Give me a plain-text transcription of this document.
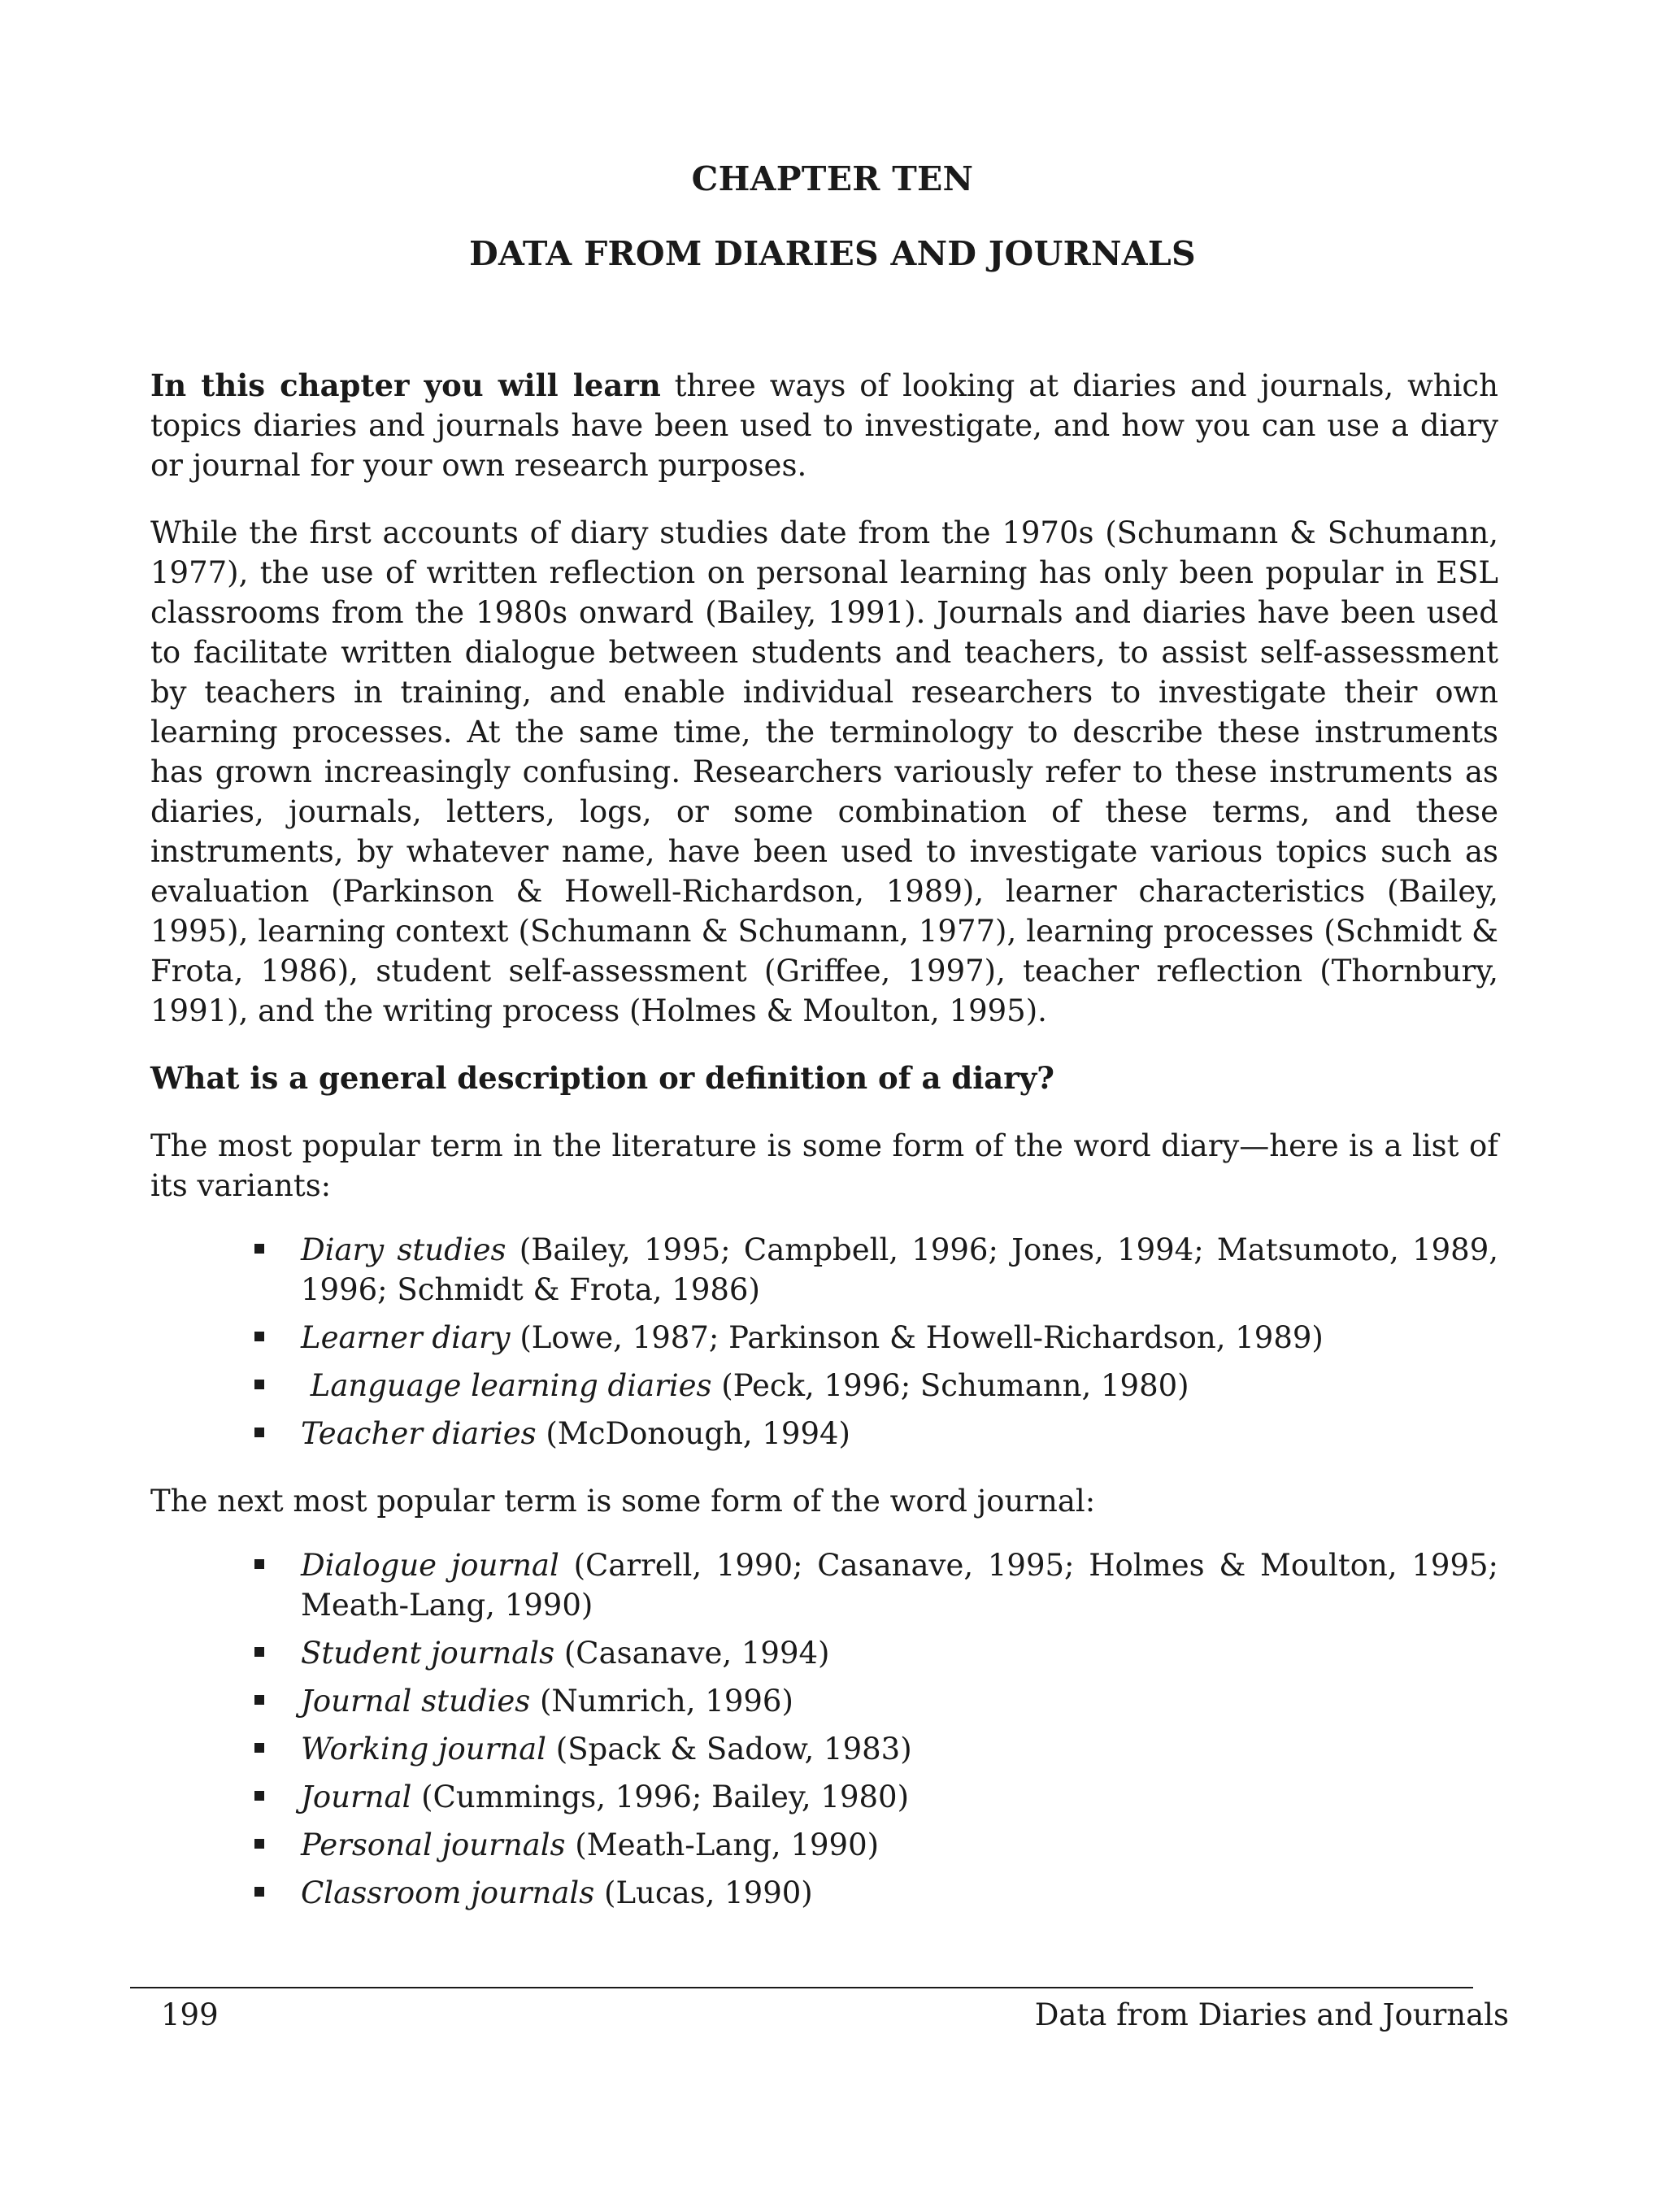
CHAPTER TEN
DATA FROM DIARIES AND JOURNALS

In this chapter you will learn three ways of looking at diaries and journals, which topics diaries and journals have been used to investigate, and how you can use a diary or journal for your own research purposes.

While the first accounts of diary studies date from the 1970s (Schumann & Schumann, 1977), the use of written reflection on personal learning has only been popular in ESL classrooms from the 1980s onward (Bailey, 1991). Journals and diaries have been used to facilitate written dialogue between students and teachers, to assist self-assessment by teachers in training, and enable individual researchers to investigate their own learning processes. At the same time, the terminology to describe these instruments has grown increasingly confusing. Researchers variously refer to these instruments as diaries, journals, letters, logs, or some combination of these terms, and these instruments, by whatever name, have been used to investigate various topics such as evaluation (Parkinson & Howell-Richardson, 1989), learner characteristics (Bailey, 1995), learning context (Schumann & Schumann, 1977), learning processes (Schmidt & Frota, 1986), student self-assessment (Griffee, 1997), teacher reflection (Thornbury, 1991), and the writing process (Holmes & Moulton, 1995).

What is a general description or definition of a diary?

The most popular term in the literature is some form of the word diary—here is a list of its variants:

Diary studies (Bailey, 1995; Campbell, 1996; Jones, 1994; Matsumoto, 1989, 1996; Schmidt & Frota, 1986)
Learner diary (Lowe, 1987; Parkinson & Howell-Richardson, 1989)
Language learning diaries (Peck, 1996; Schumann, 1980)
Teacher diaries (McDonough, 1994)

The next most popular term is some form of the word journal:

Dialogue journal (Carrell, 1990; Casanave, 1995; Holmes & Moulton, 1995; Meath-Lang, 1990)
Student journals (Casanave, 1994)
Journal studies (Numrich, 1996)
Working journal (Spack & Sadow, 1983)
Journal (Cummings, 1996; Bailey, 1980)
Personal journals (Meath-Lang, 1990)
Classroom journals (Lucas, 1990)
199	Data from Diaries and Journals
